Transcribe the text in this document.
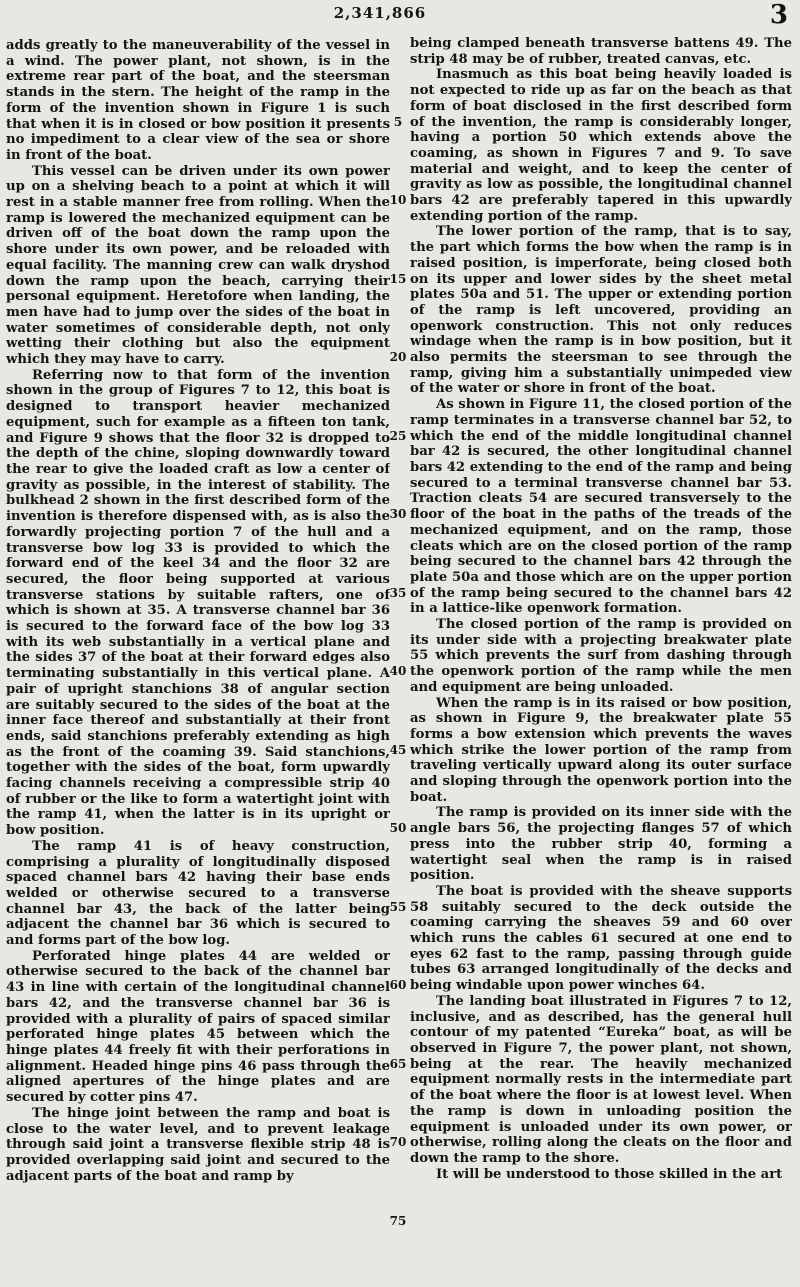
2,341,866	3

adds greatly to the maneuverability of the vessel in a wind. The power plant, not shown, is in the extreme rear part of the boat, and the steersman stands in the stern. The height of the ramp in the form of the invention shown in Figure 1 is such that when it is in closed or bow position it presents no impediment to a clear view of the sea or shore in front of the boat.

This vessel can be driven under its own power up on a shelving beach to a point at which it will rest in a stable manner free from rolling. When the ramp is lowered the mechanized equipment can be driven off of the boat down the ramp upon the shore under its own power, and be reloaded with equal facility. The manning crew can walk dryshod down the ramp upon the beach, carrying their personal equipment. Heretofore when landing, the men have had to jump over the sides of the boat in water sometimes of considerable depth, not only wetting their clothing but also the equipment which they may have to carry.

Referring now to that form of the invention shown in the group of Figures 7 to 12, this boat is designed to transport heavier mechanized equipment, such for example as a fifteen ton tank, and Figure 9 shows that the floor 32 is dropped to the depth of the chine, sloping downwardly toward the rear to give the loaded craft as low a center of gravity as possible, in the interest of stability. The bulkhead 2 shown in the first described form of the invention is therefore dispensed with, as is also the forwardly projecting portion 7 of the hull and a transverse bow log 33 is provided to which the forward end of the keel 34 and the floor 32 are secured, the floor being supported at various transverse stations by suitable rafters, one of which is shown at 35. A transverse channel bar 36 is secured to the forward face of the bow log 33 with its web substantially in a vertical plane and the sides 37 of the boat at their forward edges also terminating substantially in this vertical plane. A pair of upright stanchions 38 of angular section are suitably secured to the sides of the boat at the inner face thereof and substantially at their front ends, said stanchions preferably extending as high as the front of the coaming 39. Said stanchions, together with the sides of the boat, form upwardly facing channels receiving a compressible strip 40 of rubber or the like to form a watertight joint with the ramp 41, when the latter is in its upright or bow position.

The ramp 41 is of heavy construction, comprising a plurality of longitudinally disposed spaced channel bars 42 having their base ends welded or otherwise secured to a transverse channel bar 43, the back of the latter being adjacent the channel bar 36 which is secured to and forms part of the bow log.

Perforated hinge plates 44 are welded or otherwise secured to the back of the channel bar 43 in line with certain of the longitudinal channel bars 42, and the transverse channel bar 36 is provided with a plurality of pairs of spaced similar perforated hinge plates 45 between which the hinge plates 44 freely fit with their perforations in alignment. Headed hinge pins 46 pass through the aligned apertures of the hinge plates and are secured by cotter pins 47.

The hinge joint between the ramp and boat is close to the water level, and to prevent leakage through said joint a transverse flexible strip 48 is provided overlapping said joint and secured to the adjacent parts of the boat and ramp by

5
10
15
20
25
30
35
40
45
50
55
60
65
70
75

being clamped beneath transverse battens 49. The strip 48 may be of rubber, treated canvas, etc.

Inasmuch as this boat being heavily loaded is not expected to ride up as far on the beach as that form of boat disclosed in the first described form of the invention, the ramp is considerably longer, having a portion 50 which extends above the coaming, as shown in Figures 7 and 9. To save material and weight, and to keep the center of gravity as low as possible, the longitudinal channel bars 42 are preferably tapered in this upwardly extending portion of the ramp.

The lower portion of the ramp, that is to say, the part which forms the bow when the ramp is in raised position, is imperforate, being closed both on its upper and lower sides by the sheet metal plates 50a and 51. The upper or extending portion of the ramp is left uncovered, providing an openwork construction. This not only reduces windage when the ramp is in bow position, but it also permits the steersman to see through the ramp, giving him a substantially unimpeded view of the water or shore in front of the boat.

As shown in Figure 11, the closed portion of the ramp terminates in a transverse channel bar 52, to which the end of the middle longitudinal channel bar 42 is secured, the other longitudinal channel bars 42 extending to the end of the ramp and being secured to a terminal transverse channel bar 53. Traction cleats 54 are secured transversely to the floor of the boat in the paths of the treads of the mechanized equipment, and on the ramp, those cleats which are on the closed portion of the ramp being secured to the channel bars 42 through the plate 50a and those which are on the upper portion of the ramp being secured to the channel bars 42 in a lattice-like openwork formation.

The closed portion of the ramp is provided on its under side with a projecting breakwater plate 55 which prevents the surf from dashing through the openwork portion of the ramp while the men and equipment are being unloaded.

When the ramp is in its raised or bow position, as shown in Figure 9, the breakwater plate 55 forms a bow extension which prevents the waves which strike the lower portion of the ramp from traveling vertically upward along its outer surface and sloping through the openwork portion into the boat.

The ramp is provided on its inner side with the angle bars 56, the projecting flanges 57 of which press into the rubber strip 40, forming a watertight seal when the ramp is in raised position.

The boat is provided with the sheave supports 58 suitably secured to the deck outside the coaming carrying the sheaves 59 and 60 over which runs the cables 61 secured at one end to eyes 62 fast to the ramp, passing through guide tubes 63 arranged longitudinally of the decks and being windable upon power winches 64.

The landing boat illustrated in Figures 7 to 12, inclusive, and as described, has the general hull contour of my patented “Eureka” boat, as will be observed in Figure 7, the power plant, not shown, being at the rear. The heavily mechanized equipment normally rests in the intermediate part of the boat where the floor is at lowest level. When the ramp is down in unloading position the equipment is unloaded under its own power, or otherwise, rolling along the cleats on the floor and down the ramp to the shore.

It will be understood to those skilled in the art
